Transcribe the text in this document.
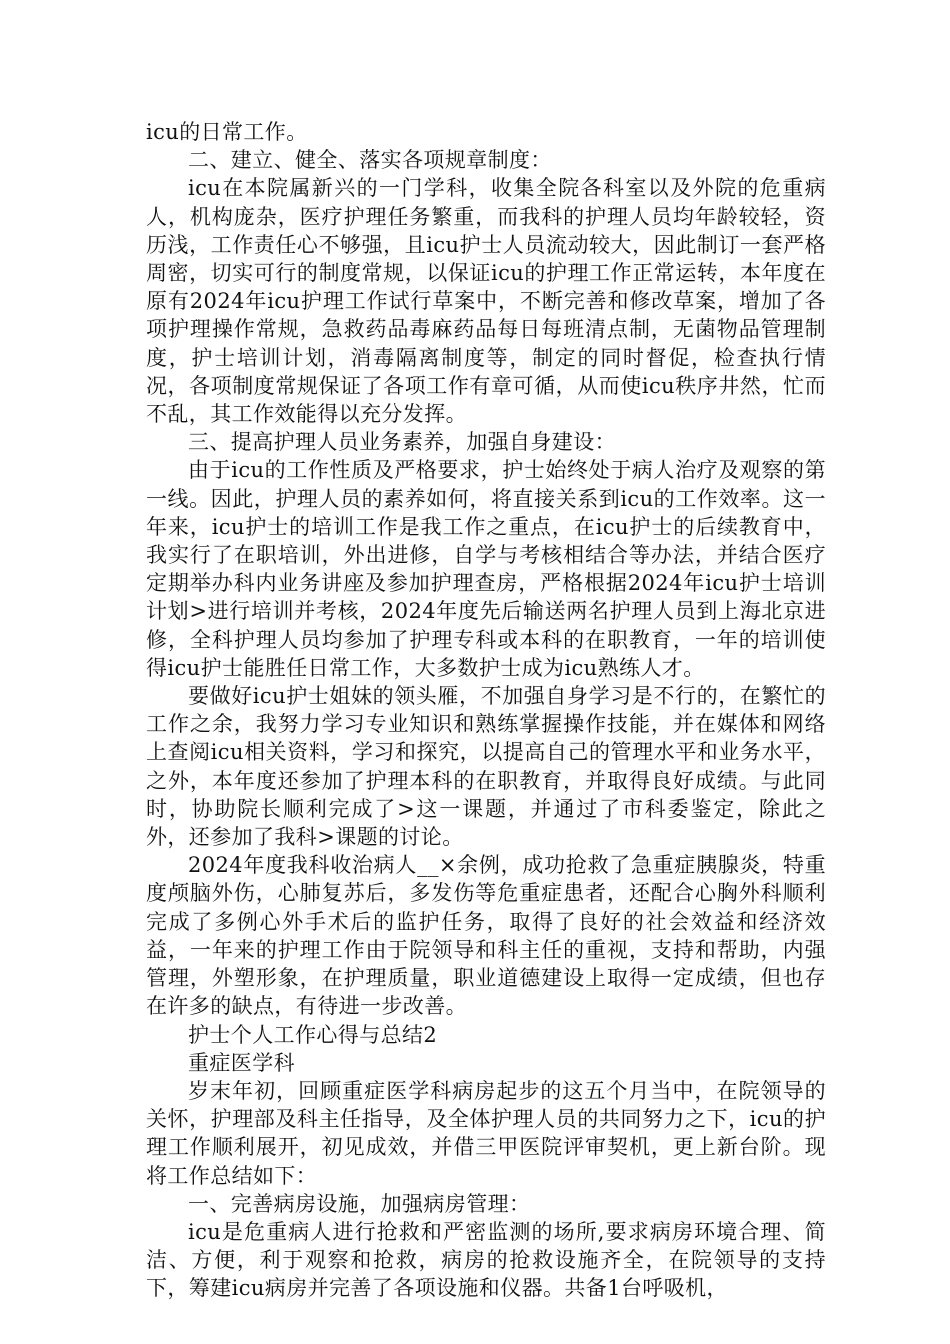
icu的日常工作。

二、建立、健全、落实各项规章制度：

icu在本院属新兴的一门学科，收集全院各科室以及外院的危重病人，机构庞杂，医疗护理任务繁重，而我科的护理人员均年龄较轻，资历浅，工作责任心不够强，且icu护士人员流动较大，因此制订一套严格周密，切实可行的制度常规，以保证icu的护理工作正常运转，本年度在原有2024年icu护理工作试行草案中，不断完善和修改草案，增加了各项护理操作常规，急救药品毒麻药品每日每班清点制，无菌物品管理制度，护士培训计划，消毒隔离制度等，制定的同时督促，检查执行情况，各项制度常规保证了各项工作有章可循，从而使icu秩序井然，忙而不乱，其工作效能得以充分发挥。

三、提高护理人员业务素养，加强自身建设：

由于icu的工作性质及严格要求，护士始终处于病人治疗及观察的第一线。因此，护理人员的素养如何，将直接关系到icu的工作效率。这一年来，icu护士的培训工作是我工作之重点，在icu护士的后续教育中，我实行了在职培训，外出进修，自学与考核相结合等办法，并结合医疗定期举办科内业务讲座及参加护理查房，严格根据2024年icu护士培训计划>进行培训并考核，2024年度先后输送两名护理人员到上海北京进修，全科护理人员均参加了护理专科或本科的在职教育，一年的培训使得icu护士能胜任日常工作，大多数护士成为icu熟练人才。

要做好icu护士姐妹的领头雁，不加强自身学习是不行的，在繁忙的工作之余，我努力学习专业知识和熟练掌握操作技能，并在媒体和网络上查阅icu相关资料，学习和探究，以提高自己的管理水平和业务水平，之外，本年度还参加了护理本科的在职教育，并取得良好成绩。与此同时，协助院长顺利完成了>这一课题，并通过了市科委鉴定，除此之外，还参加了我科>课题的讨论。

2024年度我科收治病人__×余例，成功抢救了急重症胰腺炎，特重度颅脑外伤，心肺复苏后，多发伤等危重症患者，还配合心胸外科顺利完成了多例心外手术后的监护任务，取得了良好的社会效益和经济效益，一年来的护理工作由于院领导和科主任的重视，支持和帮助，内强管理，外塑形象，在护理质量，职业道德建设上取得一定成绩，但也存在许多的缺点，有待进一步改善。

护士个人工作心得与总结2

重症医学科

岁末年初，回顾重症医学科病房起步的这五个月当中，在院领导的关怀，护理部及科主任指导，及全体护理人员的共同努力之下，icu的护理工作顺利展开，初见成效，并借三甲医院评审契机，更上新台阶。现将工作总结如下：

一、完善病房设施，加强病房管理：

icu是危重病人进行抢救和严密监测的场所,要求病房环境合理、简洁、方便，利于观察和抢救，病房的抢救设施齐全，在院领导的支持下，筹建icu病房并完善了各项设施和仪器。共备1台呼吸机，
